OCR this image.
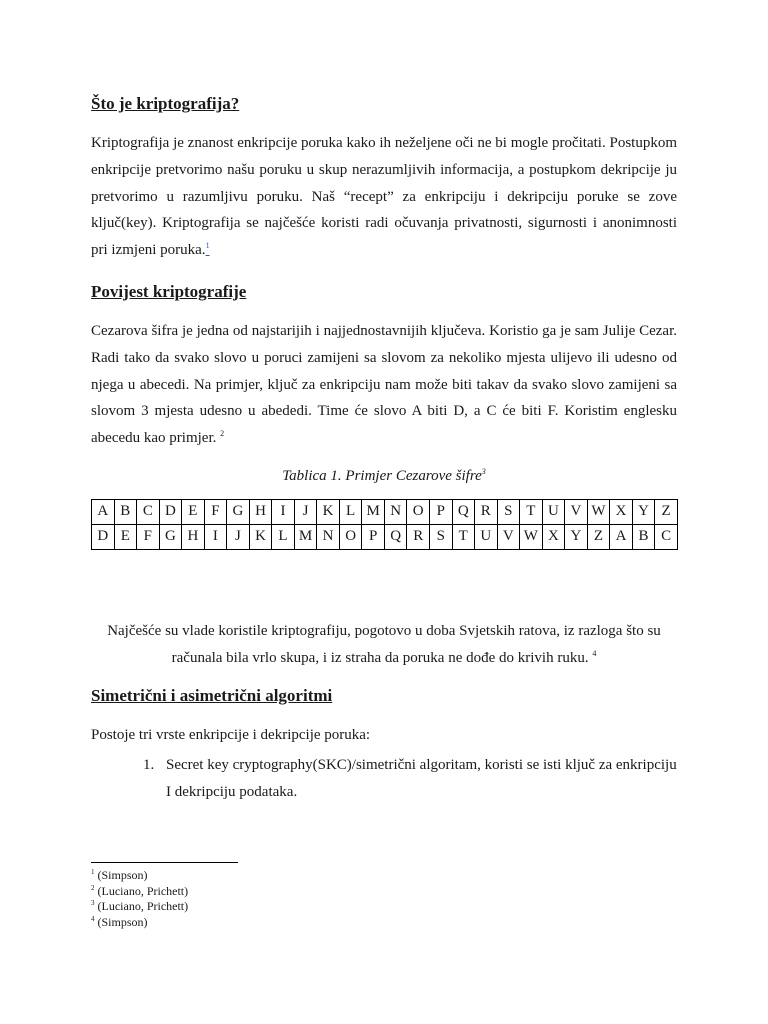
Što je kriptografija?

Kriptografija je znanost enkripcije poruka kako ih neželjene oči ne bi mogle pročitati. Postupkom enkripcije pretvorimo našu poruku u skup nerazumljivih informacija, a postupkom dekripcije ju pretvorimo u razumljivu poruku. Naš “recept” za enkripciju i dekripciju poruke se zove ključ(key). Kriptografija se najčešće koristi radi očuvanja privatnosti, sigurnosti i anonimnosti pri izmjeni poruka.$^1$

Povijest kriptografije

Cezarova šifra je jedna od najstarijih i najjednostavnijih ključeva. Koristio ga je sam Julije Cezar. Radi tako da svako slovo u poruci zamijeni sa slovom za nekoliko mjesta ulijevo ili udesno od njega u abecedi. Na primjer, ključ za enkripciju nam može biti takav da svako slovo zamijeni sa slovom 3 mjesta udesno u abededi. Time će slovo A biti D, a C će biti F. Koristim englesku abecedu kao primjer. $^2$

Tablica 1. Primjer Cezarove šifre$^3$

A	B	C	D	E	F	G	H	I	J	K	L	M	N	O	P	Q	R	S	T	U	V	W	X	Y	Z
D	E	F	G	H	I	J	K	L	M	N	O	P	Q	R	S	T	U	V	W	X	Y	Z	A	B	C

Najčešće su vlade koristile kriptografiju, pogotovo u doba Svjetskih ratova, iz razloga što su računala bila vrlo skupa, i iz straha da poruka ne dođe do krivih ruku. $^4$

Simetrični i asimetrični algoritmi

Postoje tri vrste enkripcije i dekripcije poruka:

1. Secret key cryptography(SKC)/simetrični algoritam, koristi se isti ključ za enkripciju I dekripciju podataka.
$^1$ (Simpson)
$^2$ (Luciano, Prichett)
$^3$ (Luciano, Prichett)
$^4$ (Simpson)
